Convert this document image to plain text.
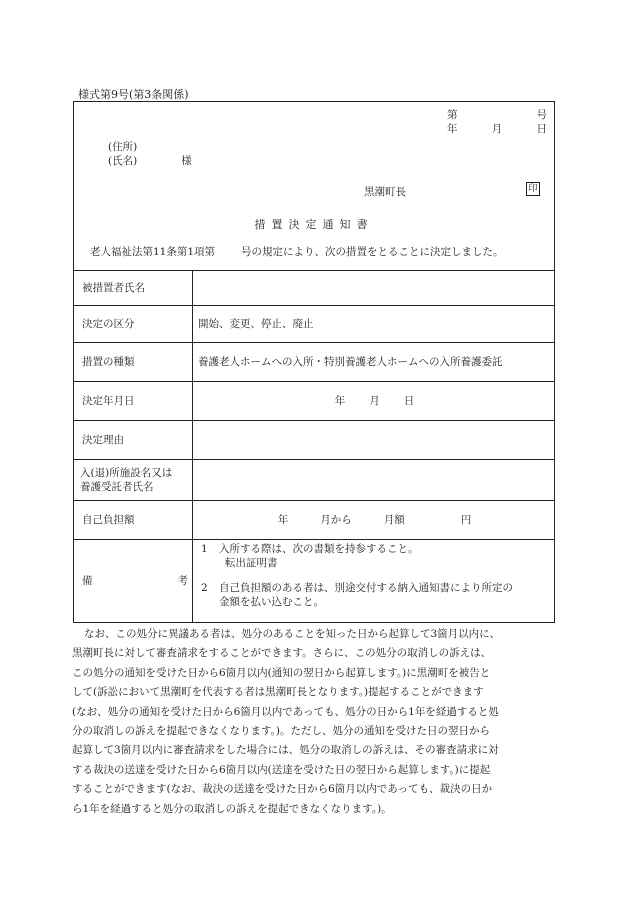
様式第9号(第3条関係)
第	号
年	月	日
(住所)
(氏名)	様
黒潮町長	印
措置決定通知書
老人福祉法第11条第1項第 号の規定により、次の措置をとることに決定しました。
被措置者氏名
決定の区分	開始、変更、停止、廃止
措置の種類	養護老人ホームへの入所・特別養護老人ホームへの入所養護委託
決定年月日	年 月 日
決定理由
入(退)所施設名又は
養護受託者氏名
自己負担額	年	月から	月額	円
備	考
1	入所する際は、次の書類を持参すること。
転出証明書
2	自己負担額のある者は、別途交付する納入通知書により所定の
金額を払い込むこと。
なお、この処分に異議ある者は、処分のあることを知った日から起算して3箇月以内に、
黒潮町長に対して審査請求をすることができます。さらに、この処分の取消しの訴えは、
この処分の通知を受けた日から6箇月以内(通知の翌日から起算します。)に黒潮町を被告と
して(訴訟において黒潮町を代表する者は黒潮町長となります。)提起することができます
(なお、処分の通知を受けた日から6箇月以内であっても、処分の日から1年を経過すると処
分の取消しの訴えを提起できなくなります。)。ただし、処分の通知を受けた日の翌日から
起算して3箇月以内に審査請求をした場合には、処分の取消しの訴えは、その審査請求に対
する裁決の送達を受けた日から6箇月以内(送達を受けた日の翌日から起算します。)に提起
することができます(なお、裁決の送達を受けた日から6箇月以内であっても、裁決の日か
ら1年を経過すると処分の取消しの訴えを提起できなくなります。)。
